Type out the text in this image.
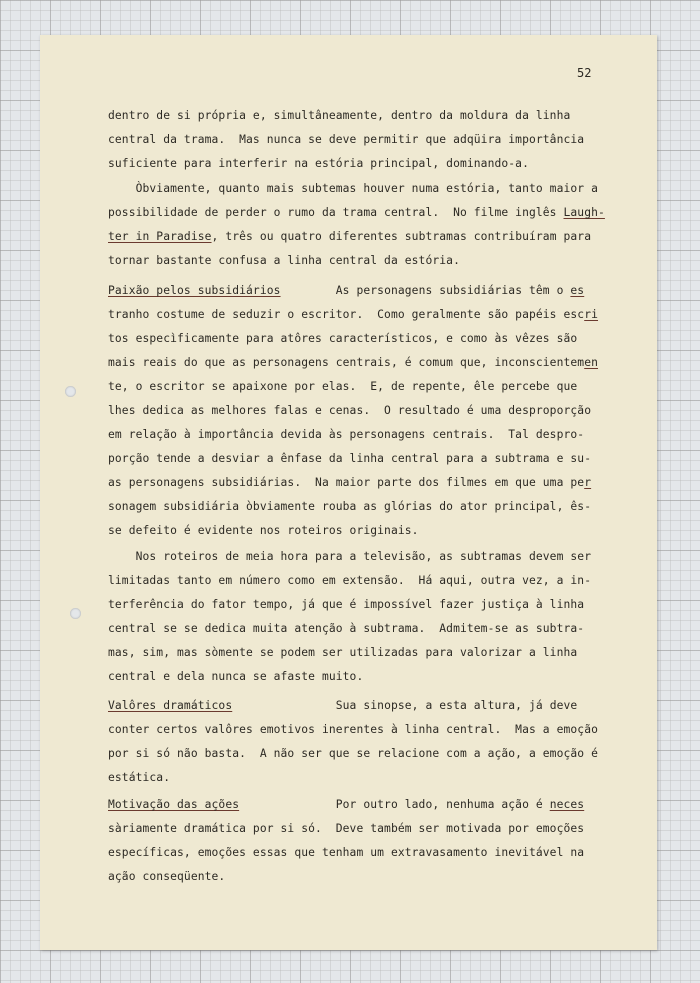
52
dentro de si própria e, simultâneamente, dentro da moldura da linha
central da trama.  Mas nunca se deve permitir que adqüira importância
suficiente para interferir na estória principal, dominando-a.
Òbviamente, quanto mais subtemas houver numa estória, tanto maior a
possibilidade de perder o rumo da trama central.  No filme inglês Laugh-
ter in Paradise, três ou quatro diferentes subtramas contribuíram para
tornar bastante confusa a linha central da estória.
Paixão pelos subsidiários        As personagens subsidiárias têm o es
tranho costume de seduzir o escritor.  Como geralmente são papéis escri
tos especìficamente para atôres característicos, e como às vêzes são
mais reais do que as personagens centrais, é comum que, inconscientemen
te, o escritor se apaixone por elas.  E, de repente, êle percebe que
lhes dedica as melhores falas e cenas.  O resultado é uma desproporção
em relação à importância devida às personagens centrais.  Tal despro-
porção tende a desviar a ênfase da linha central para a subtrama e su-
as personagens subsidiárias.  Na maior parte dos filmes em que uma per
sonagem subsidiária òbviamente rouba as glórias do ator principal, ês-
se defeito é evidente nos roteiros originais.
Nos roteiros de meia hora para a televisão, as subtramas devem ser
limitadas tanto em número como em extensão.  Há aqui, outra vez, a in-
terferência do fator tempo, já que é impossível fazer justiça à linha
central se se dedica muita atenção à subtrama.  Admitem-se as subtra-
mas, sim, mas sòmente se podem ser utilizadas para valorizar a linha
central e dela nunca se afaste muito.
Valôres dramáticos               Sua sinopse, a esta altura, já deve
conter certos valôres emotivos inerentes à linha central.  Mas a emoção
por si só não basta.  A não ser que se relacione com a ação, a emoção é
estática.
Motivação das ações              Por outro lado, nenhuma ação é neces
sàriamente dramática por si só.  Deve também ser motivada por emoções
específicas, emoções essas que tenham um extravasamento inevitável na
ação conseqüente.
